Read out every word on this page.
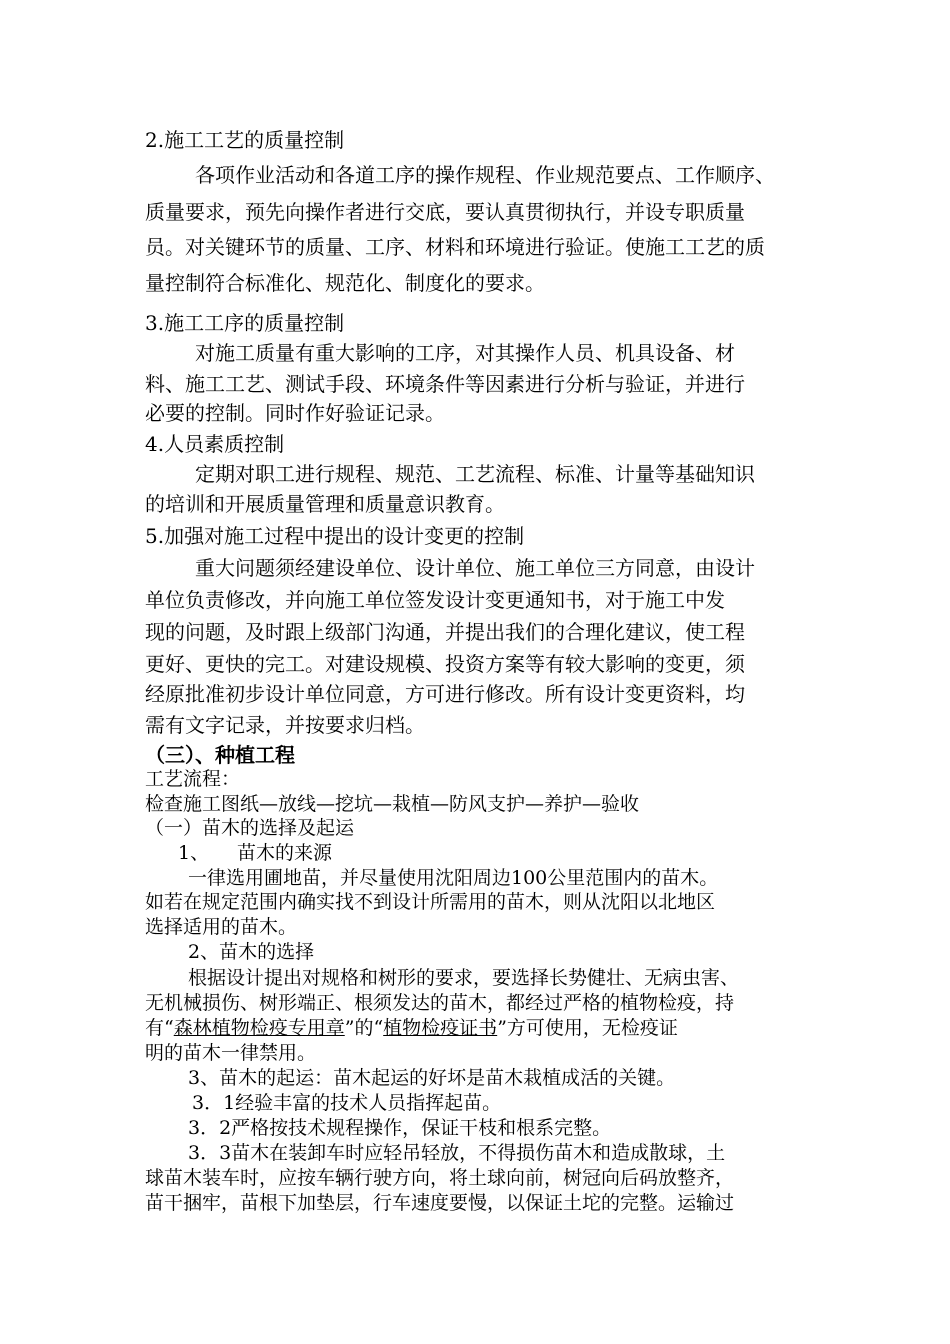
2.施工工艺的质量控制
各项作业活动和各道工序的操作规程、作业规范要点、工作顺序、
质量要求，预先向操作者进行交底，要认真贯彻执行，并设专职质量
员。对关键环节的质量、工序、材料和环境进行验证。使施工工艺的质
量控制符合标准化、规范化、制度化的要求。
3.施工工序的质量控制
对施工质量有重大影响的工序，对其操作人员、机具设备、材
料、施工工艺、测试手段、环境条件等因素进行分析与验证，并进行
必要的控制。同时作好验证记录。
4.人员素质控制
定期对职工进行规程、规范、工艺流程、标准、计量等基础知识
的培训和开展质量管理和质量意识教育。
5.加强对施工过程中提出的设计变更的控制
重大问题须经建设单位、设计单位、施工单位三方同意，由设计
单位负责修改，并向施工单位签发设计变更通知书，对于施工中发
现的问题，及时跟上级部门沟通，并提出我们的合理化建议，使工程
更好、更快的完工。对建设规模、投资方案等有较大影响的变更，须
经原批准初步设计单位同意，方可进行修改。所有设计变更资料，均
需有文字记录，并按要求归档。
（三）、种植工程
工艺流程：
检查施工图纸—放线—挖坑—栽植—防风支护—养护—验收
（一）苗木的选择及起运
1、 苗木的来源
一律选用圃地苗，并尽量使用沈阳周边100公里范围内的苗木。
如若在规定范围内确实找不到设计所需用的苗木，则从沈阳以北地区
选择适用的苗木。
2、苗木的选择
根据设计提出对规格和树形的要求，要选择长势健壮、无病虫害、
无机械损伤、树形端正、根须发达的苗木，都经过严格的植物检疫，持
有“森林植物检疫专用章”的“植物检疫证书”方可使用，无检疫证
明的苗木一律禁用。
3、苗木的起运：苗木起运的好坏是苗木栽植成活的关键。
3．1经验丰富的技术人员指挥起苗。
3．2严格按技术规程操作，保证干枝和根系完整。
3．3苗木在装卸车时应轻吊轻放，不得损伤苗木和造成散球，土
球苗木装车时，应按车辆行驶方向，将土球向前，树冠向后码放整齐，
苗干捆牢，苗根下加垫层，行车速度要慢，以保证土坨的完整。运输过
